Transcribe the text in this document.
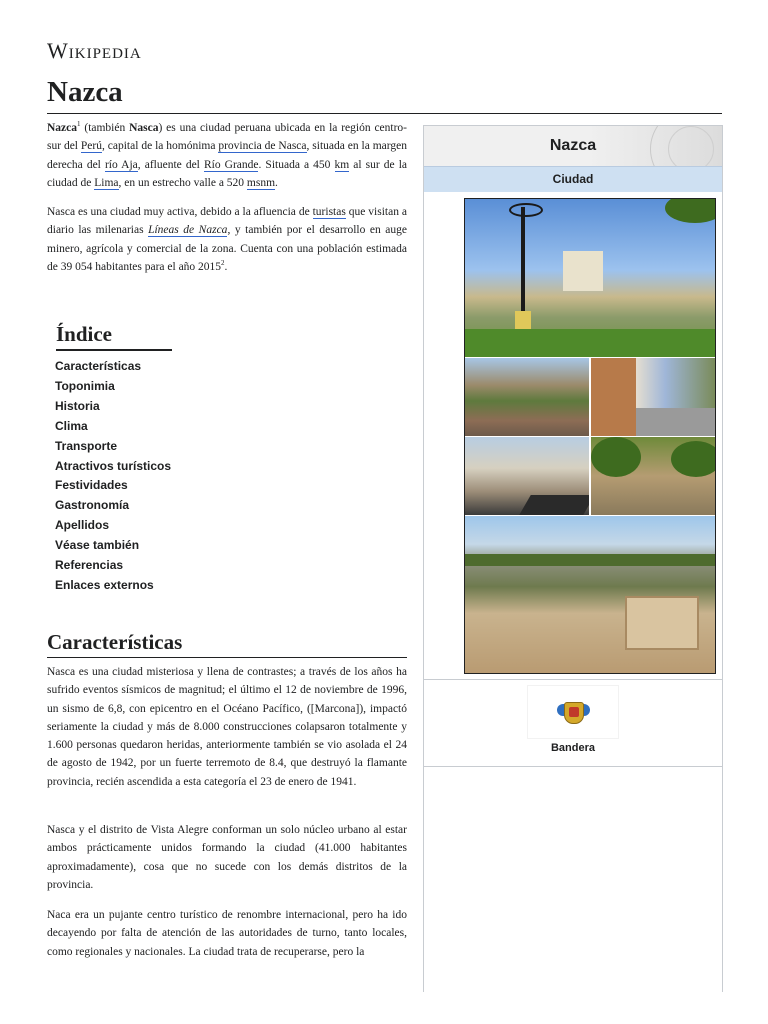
Wikipedia
Nazca
Nazca$^1$ (también Nasca) es una ciudad peruana ubicada en la región centro-sur del Perú, capital de la homónima provincia de Nasca, situada en la margen derecha del río Aja, afluente del Río Grande. Situada a 450 km al sur de la ciudad de Lima, en un estrecho valle a 520 msnm.
Nasca es una ciudad muy activa, debido a la afluencia de turistas que visitan a diario las milenarias Líneas de Nazca, y también por el desarrollo en auge minero, agrícola y comercial de la zona. Cuenta con una población estimada de 39 054 habitantes para el año 2015$^2$.
Índice
Características
Toponimia
Historia
Clima
Transporte
Atractivos turísticos
Festividades
Gastronomía
Apellidos
Véase también
Referencias
Enlaces externos
Características
Nasca es una ciudad misteriosa y llena de contrastes; a través de los años ha sufrido eventos sísmicos de magnitud; el último el 12 de noviembre de 1996, un sismo de 6,8, con epicentro en el Océano Pacífico, ([Marcona]), impactó seriamente la ciudad y más de 8.000 construcciones colapsaron totalmente y 1.600 personas quedaron heridas, anteriormente también se vio asolada el 24 de agosto de 1942, por un fuerte terremoto de 8.4, que destruyó la flamante provincia, recién ascendida a esta categoría el 23 de enero de 1941.
Nasca y el distrito de Vista Alegre conforman un solo núcleo urbano al estar ambos prácticamente unidos formando la ciudad (41.000 habitantes aproximadamente), cosa que no sucede con los demás distritos de la provincia.
Naca era un pujante centro turístico de renombre internacional, pero ha ido decayendo por falta de atención de las autoridades de turno, tanto locales, como regionales y nacionales. La ciudad trata de recuperarse, pero la
Nazca
Ciudad
Bandera
